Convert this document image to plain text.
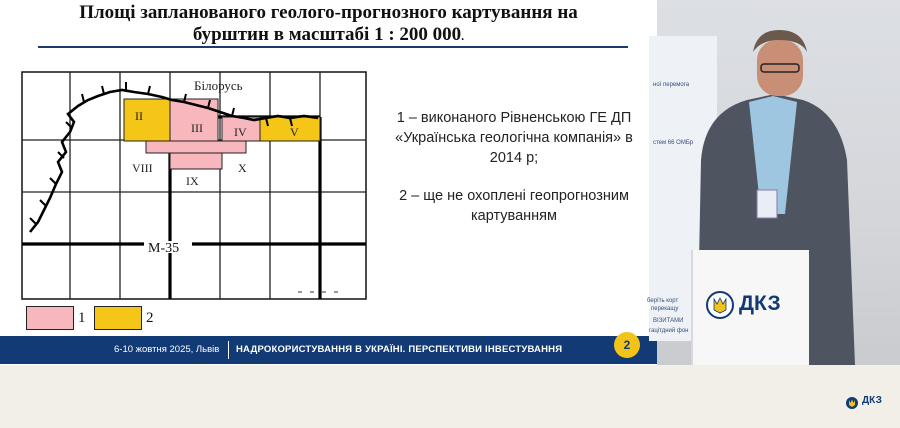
Площі запланованого геолого-прогнозного картування на
бурштин в масштабі 1 : 200 000.
Білорусь
II
III	IV	V
VIII
IX
X
M-35
1	2

1 – виконаного Рівненською ГЕ ДП «Українська геологічна компанія» в 2014 р;

2 – ще не охоплені геопрогнозним картуванням

6-10 жовтня 2025, Львів НАДРОКОРИСТУВАННЯ В УКРАЇНІ. ПЕРСПЕКТИВИ ІНВЕСТУВАННЯ	2
ної перемога
стем 66 ОМБр
берїть корт
перекащу
ВІЗИТАМИ
гацітдний фон
ДКЗ
ДКЗ
